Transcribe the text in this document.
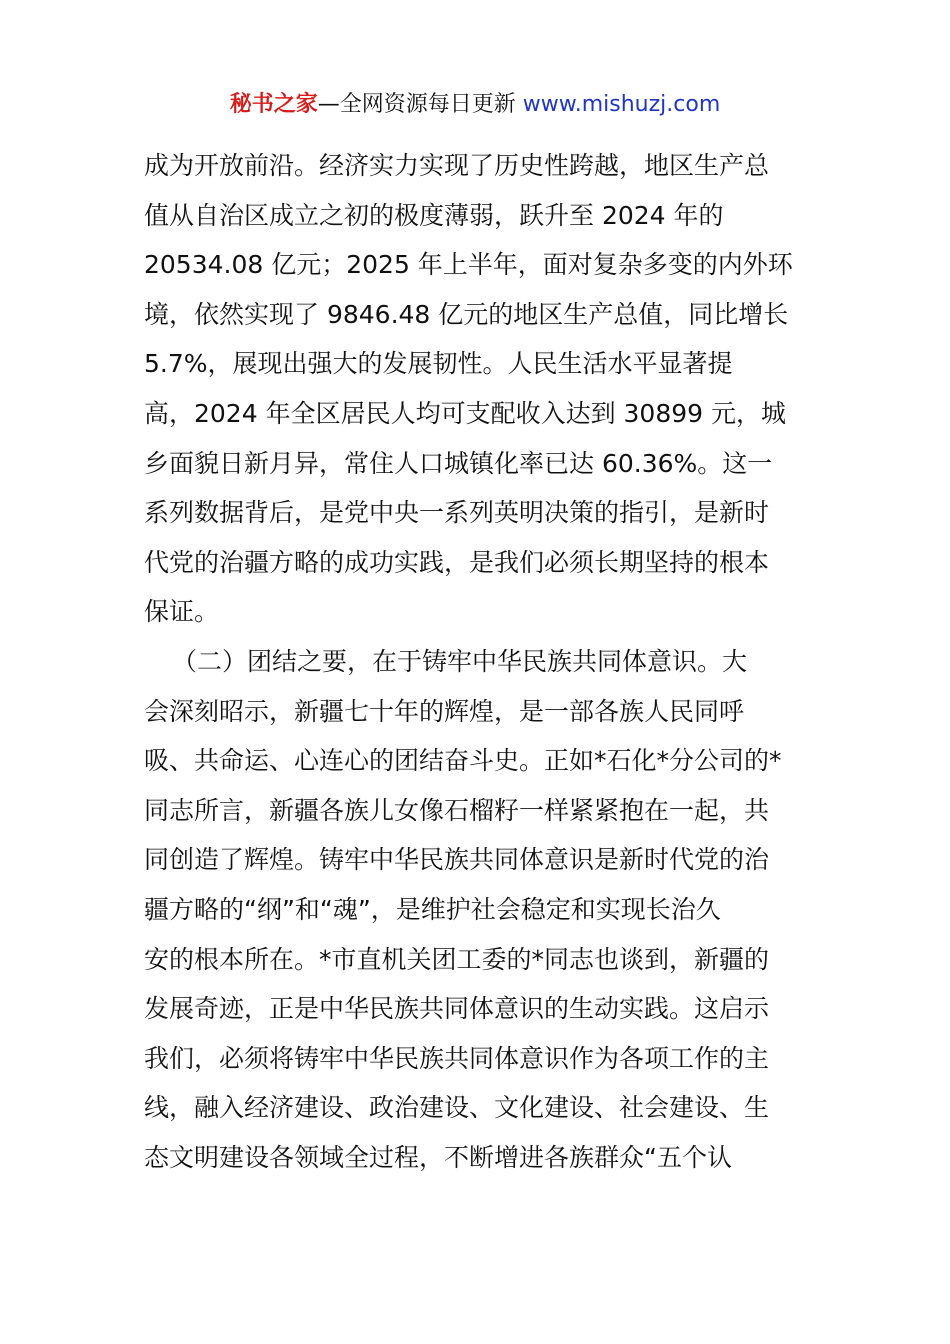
秘书之家—全网资源每日更新 www.mishuzj.com
成为开放前沿。经济实力实现了历史性跨越，地区生产总
值从自治区成立之初的极度薄弱，跃升至 2024 年的
20534.08 亿元；2025 年上半年，面对复杂多变的内外环
境，依然实现了 9846.48 亿元的地区生产总值，同比增长
5.7%，展现出强大的发展韧性。人民生活水平显著提
高，2024 年全区居民人均可支配收入达到 30899 元，城
乡面貌日新月异，常住人口城镇化率已达 60.36%。这一
系列数据背后，是党中央一系列英明决策的指引，是新时
代党的治疆方略的成功实践，是我们必须长期坚持的根本
保证。
（二）团结之要，在于铸牢中华民族共同体意识。大
会深刻昭示，新疆七十年的辉煌，是一部各族人民同呼
吸、共命运、心连心的团结奋斗史。正如*石化*分公司的*
同志所言，新疆各族儿女像石榴籽一样紧紧抱在一起，共
同创造了辉煌。铸牢中华民族共同体意识是新时代党的治
疆方略的“纲”和“魂”，是维护社会稳定和实现长治久
安的根本所在。*市直机关团工委的*同志也谈到，新疆的
发展奇迹，正是中华民族共同体意识的生动实践。这启示
我们，必须将铸牢中华民族共同体意识作为各项工作的主
线，融入经济建设、政治建设、文化建设、社会建设、生
态文明建设各领域全过程，不断增进各族群众“五个认
